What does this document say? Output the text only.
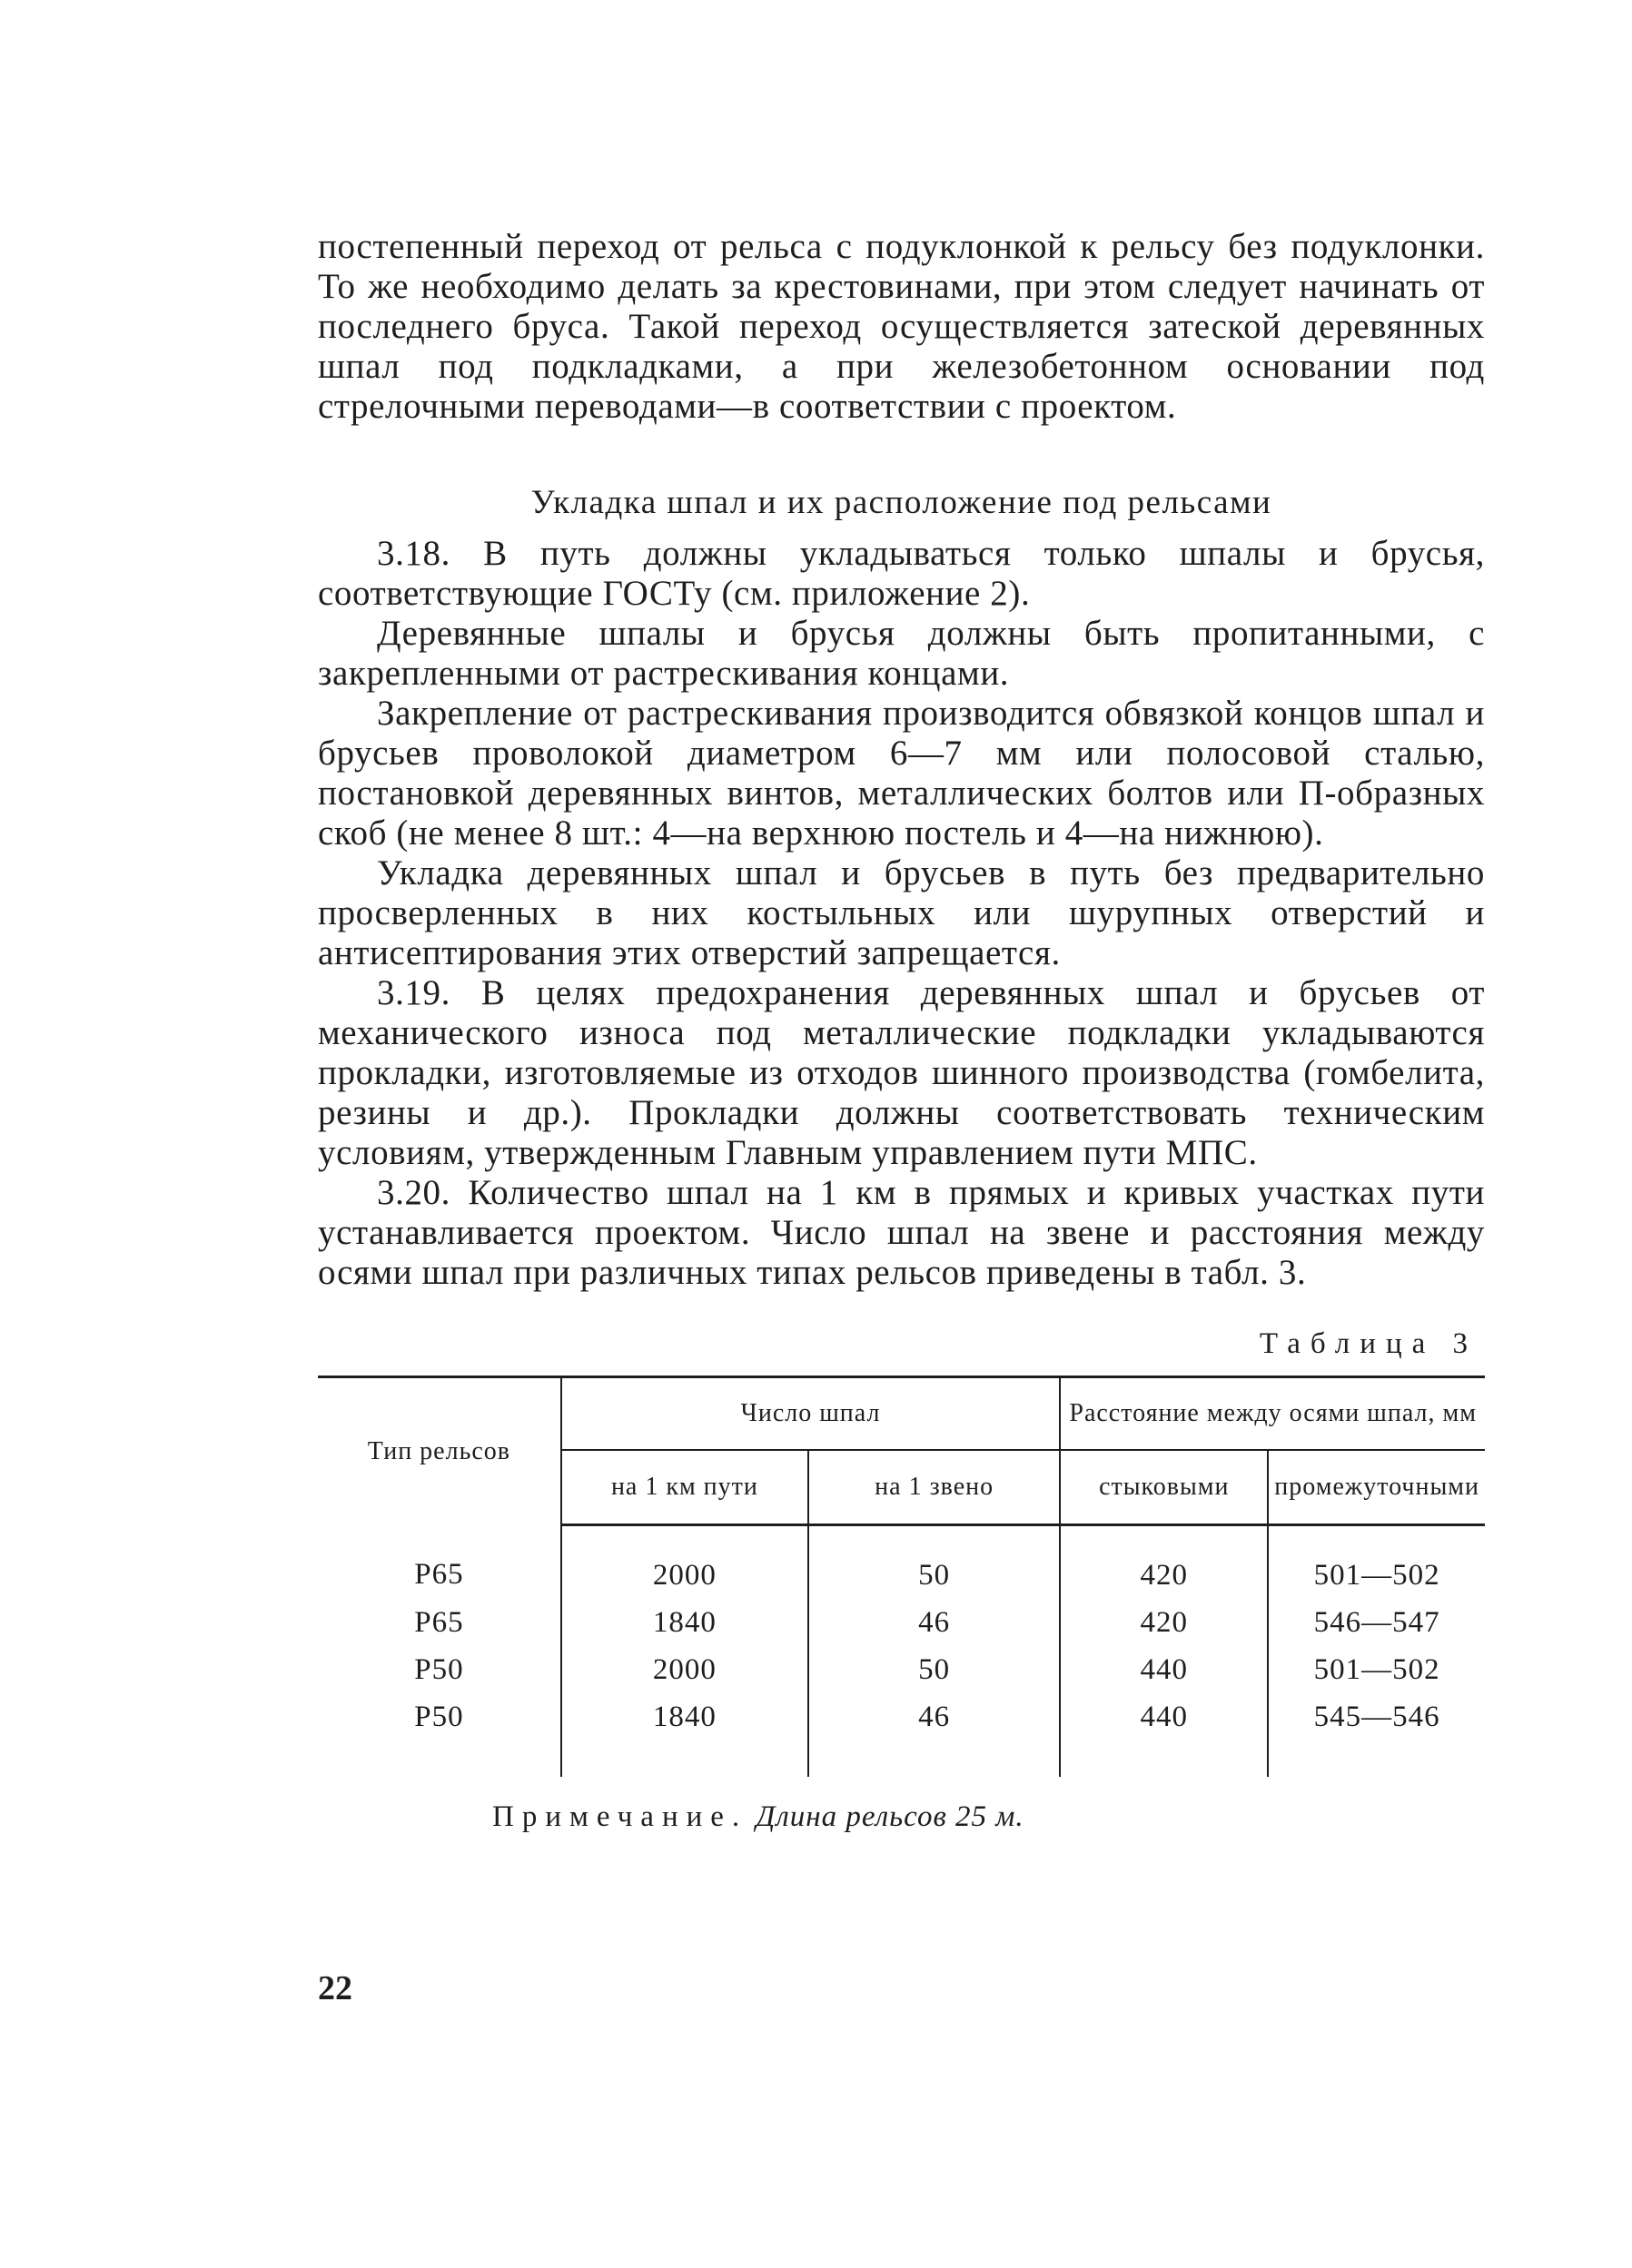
постепенный переход от рельса с подуклонкой к рельсу без подуклонки. То же необходимо делать за крестовинами, при этом следует начинать от последнего бруса. Такой переход осуществляется затеской деревянных шпал под подкладками, а при железобетонном основании под стрелочными переводами—в соответствии с проектом.

Укладка шпал и их расположение под рельсами

3.18. В путь должны укладываться только шпалы и брусья, соответствующие ГОСТу (см. приложение 2).

Деревянные шпалы и брусья должны быть пропитанными, с закрепленными от растрескивания концами.

Закрепление от растрескивания производится обвязкой концов шпал и брусьев проволокой диаметром 6—7 мм или полосовой сталью, постановкой деревянных винтов, металлических болтов или П-образных скоб (не менее 8 шт.: 4—на верхнюю постель и 4—на нижнюю).

Укладка деревянных шпал и брусьев в путь без предварительно просверленных в них костыльных или шурупных отверстий и антисептирования этих отверстий запрещается.

3.19. В целях предохранения деревянных шпал и брусьев от механического износа под металлические подкладки укладываются прокладки, изготовляемые из отходов шинного производства (гомбелита, резины и др.). Прокладки должны соответствовать техническим условиям, утвержденным Главным управлением пути МПС.

3.20. Количество шпал на 1 км в прямых и кривых участках пути устанавливается проектом. Число шпал на звене и расстояния между осями шпал при различных типах рельсов приведены в табл. 3.

Таблица 3
Тип рельсов	Число шпал		Расстояние между осями шпал, мм	
	на 1 км пути	на 1 звено	стыковыми	промежуточными
Р65	2000	50	420	501—502
Р65	1840	46	420	546—547
Р50	2000	50	440	501—502
Р50	1840	46	440	545—546
Примечание. Длина рельсов 25 м.
22
